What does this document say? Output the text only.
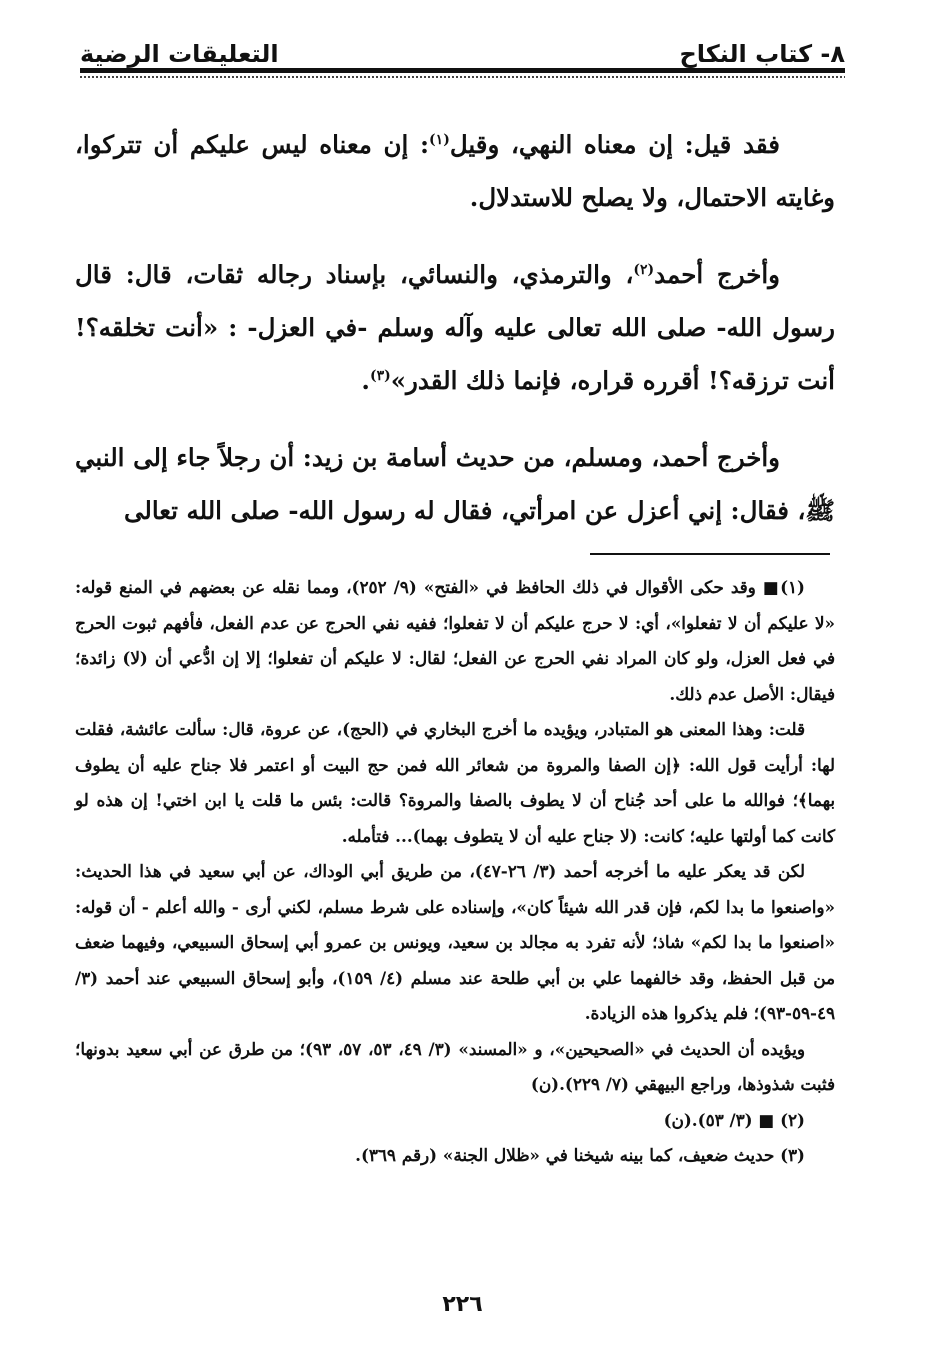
٨- كتاب النكاح
التعليقات الرضية

فقد قيل: إن معناه النهي، وقيل$^{(١)}$: إن معناه ليس عليكم أن تتركوا، وغايته الاحتمال، ولا يصلح للاستدلال.

وأخرج أحمد$^{(٢)}$، والترمذي، والنسائي، بإسناد رجاله ثقات، قال: قال رسول الله- صلى الله تعالى عليه وآله وسلم -في العزل- : «أنت تخلقه؟! أنت ترزقه؟! أقرره قراره، فإنما ذلك القدر»$^{(٣)}$.

وأخرج أحمد، ومسلم، من حديث أسامة بن زيد: أن رجلاً جاء إلى النبي ﷺ، فقال: إني أعزل عن امرأتي، فقال له رسول الله- صلى الله تعالى

(١)■ وقد حكى الأقوال في ذلك الحافظ في «الفتح» (٩/ ٢٥٢)، ومما نقله عن بعضهم في المنع قوله: «لا عليكم أن لا تفعلوا»، أي: لا حرج عليكم أن لا تفعلوا؛ ففيه نفي الحرج عن عدم الفعل، فأفهم ثبوت الحرج في فعل العزل، ولو كان المراد نفي الحرج عن الفعل؛ لقال: لا عليكم أن تفعلوا؛ إلا إن ادُّعي أن (لا) زائدة؛ فيقال: الأصل عدم ذلك.

قلت: وهذا المعنى هو المتبادر، ويؤيده ما أخرج البخاري في (الحج)، عن عروة، قال: سألت عائشة، فقلت لها: أرأيت قول الله: ﴿إن الصفا والمروة من شعائر الله فمن حج البيت أو اعتمر فلا جناح عليه أن يطوف بهما﴾؛ فوالله ما على أحد جُناح أن لا يطوف بالصفا والمروة؟ قالت: بئس ما قلت يا ابن اختي! إن هذه لو كانت كما أولتها عليه؛ كانت: (لا جناح عليه أن لا يتطوف بهما)... فتأمله.

لكن قد يعكر عليه ما أخرجه أحمد (٣/ ٢٦-٤٧)، من طريق أبي الوداك، عن أبي سعيد في هذا الحديث: «واصنعوا ما بدا لكم، فإن قدر الله شيئاً كان»، وإسناده على شرط مسلم، لكني أرى - والله أعلم - أن قوله: «اصنعوا ما بدا لكم» شاذ؛ لأنه تفرد به مجالد بن سعيد، ويونس بن عمرو أبي إسحاق السبيعي، وفيهما ضعف من قبل الحفظ، وقد خالفهما علي بن أبي طلحة عند مسلم (٤/ ١٥٩)، وأبو إسحاق السبيعي عند أحمد (٣/ ٤٩-٥٩-٩٣)؛ فلم يذكروا هذه الزيادة.

ويؤيده أن الحديث في «الصحيحين»، و «المسند» (٣/ ٤٩، ٥٣، ٥٧، ٩٣)؛ من طرق عن أبي سعيد بدونها؛ فثبت شذوذها، وراجع البيهقي (٧/ ٢٢٩).(ن)

(٢) ■ (٣/ ٥٣).(ن)

(٣) حديث ضعيف، كما بينه شيخنا في «ظلال الجنة» (رقم ٣٦٩).

٢٢٦
